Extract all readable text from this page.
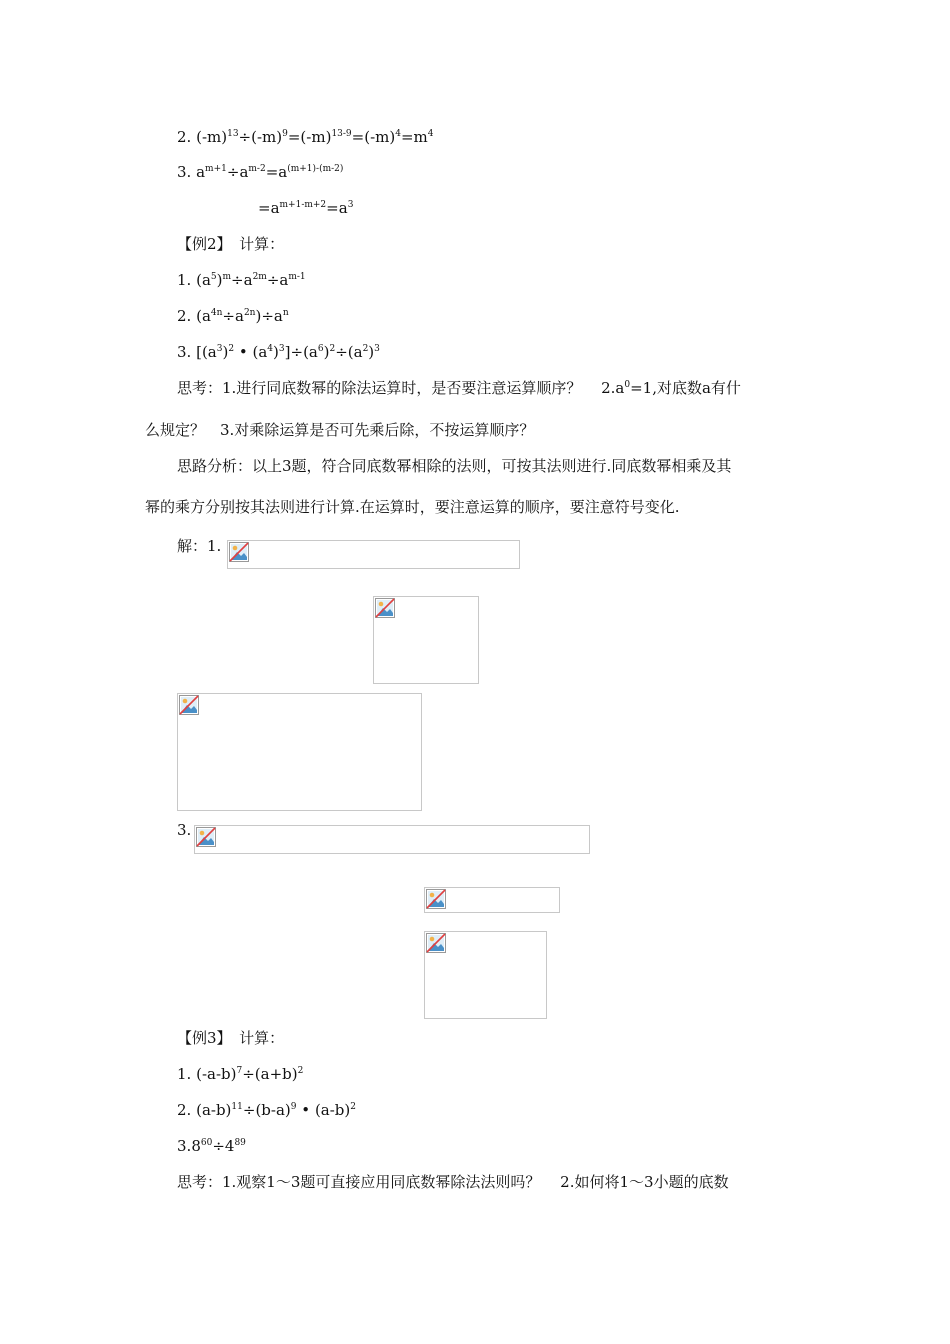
2. $(-m)^{13}\div(-m)^9=(-m)^{13-9}=(-m)^4=m^4$
3. $a^{m+1}\div a^{m-2}=a^{(m+1)-(m-2)}$
$=a^{m+1-m+2}=a^3$
【例2】　 计算：
1. $(a^5)^m\div a^{2m}\div a^{m-1}$
2. $(a^{4n}\div a^{2n})\div a^n$
3. [$(a^3)^2$ • $(a^4)^3]\div(a^6)^2\div(a^2)^3$
思考：1.进行同底数幂的除法运算时，是否要注意运算顺序？　 $2.a^0=1$,对底数a有什
么规定？　3.对乘除运算是否可先乘后除，不按运算顺序？
思路分析：以上3题，符合同底数幂相除的法则，可按其法则进行.同底数幂相乘及其
幂的乘方分别按其法则进行计算.在运算时，要注意运算的顺序，要注意符号变化.
解：1.
3.
【例3】　 计算：
1. $(-a-b)^7\div(a+b)^2$
2. $(a-b)^{11}\div(b-a)^9$ • $(a-b)^2$
$3.8^{60}\div 4^{89}$
思考：1.观察1～3题可直接应用同底数幂除法法则吗？　 2.如何将1～3小题的底数
